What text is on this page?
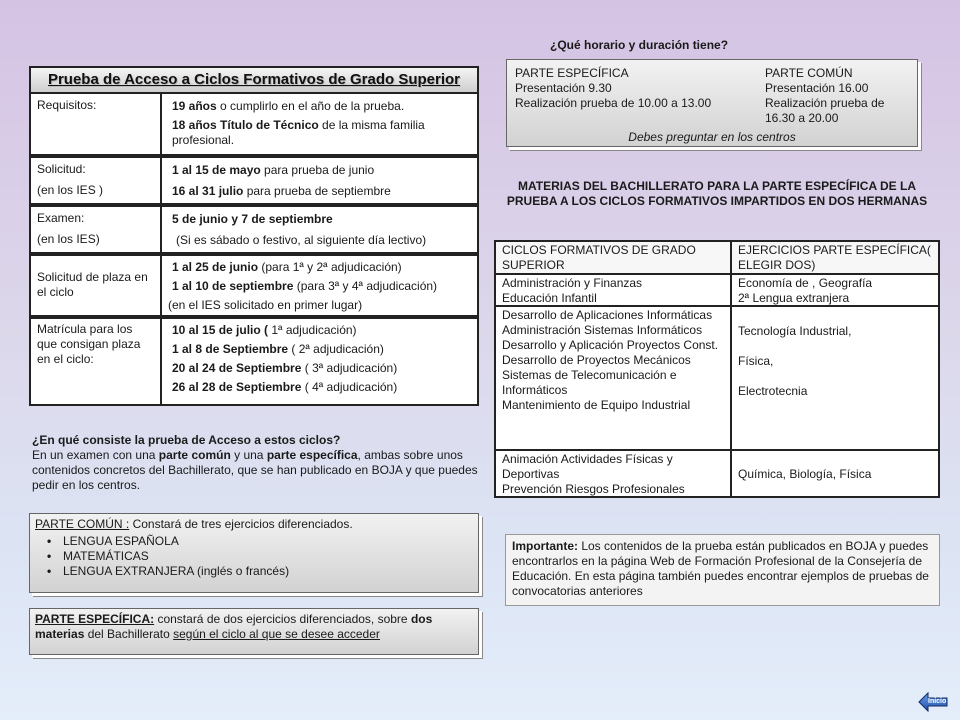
Prueba de Acceso a Ciclos Formativos de Grado Superior
Requisitos:	19 años o cumplirlo en el año de la prueba.
18 años Título de Técnico de la misma familia profesional.
Solicitud:
(en los IES )
1 al 15 de mayo para prueba de junio
16 al 31 julio para prueba de septiembre
Examen:
(en los IES)
5 de junio y 7 de septiembre
(Si es sábado o festivo, al siguiente día lectivo)
Solicitud de plaza en el ciclo
1 al 25 de junio (para 1ª y 2ª adjudicación)
1 al 10 de septiembre (para 3ª y 4ª adjudicación)
(en el IES solicitado en primer lugar)
Matrícula para los que consigan plaza en el ciclo:
10 al 15 de julio ( 1ª adjudicación)
1 al 8 de Septiembre ( 2ª adjudicación)
20 al 24 de Septiembre ( 3ª adjudicación)
26 al 28 de Septiembre ( 4ª adjudicación)
¿En qué consiste la prueba de Acceso a estos ciclos?
En un examen con una parte común y una parte específica, ambas sobre unos contenidos concretos del Bachillerato, que se han publicado en BOJA y que puedes pedir en los centros.
PARTE COMÚN : Constará de tres ejercicios diferenciados.
• LENGUA ESPAÑOLA
• MATEMÁTICAS
• LENGUA EXTRANJERA (inglés o francés)
PARTE ESPECÍFICA: constará de dos ejercicios diferenciados, sobre dos materias del Bachillerato según el ciclo al que se desee acceder
¿Qué horario y duración tiene?
PARTE ESPECÍFICA
Presentación 9.30
Realización prueba de 10.00 a 13.00
PARTE COMÚN
Presentación 16.00
Realización prueba de
16.30 a 20.00
Debes preguntar en los centros
MATERIAS DEL BACHILLERATO PARA LA PARTE ESPECÍFICA DE LA PRUEBA A LOS CICLOS FORMATIVOS IMPARTIDOS EN DOS HERMANAS
CICLOS FORMATIVOS DE GRADO SUPERIOR
EJERCICIOS PARTE ESPECÍFICA( ELEGIR DOS)
Administración y Finanzas
Educación Infantil
Economía de , Geografía
2ª Lengua extranjera
Desarrollo de Aplicaciones Informáticas
Administración Sistemas Informáticos
Desarrollo y Aplicación Proyectos Const.
Desarrollo de Proyectos Mecánicos
Sistemas de Telecomunicación e Informáticos
Mantenimiento de Equipo Industrial
Tecnología Industrial,
Física,
Electrotecnia
Animación Actividades Físicas y Deportivas
Prevención Riesgos Profesionales
Química, Biología, Física
Importante: Los contenidos de la prueba están publicados en BOJA y puedes encontrarlos en la página Web de Formación Profesional de la Consejería de Educación. En esta página también puedes encontrar ejemplos de pruebas de convocatorias anteriores
Inicio
